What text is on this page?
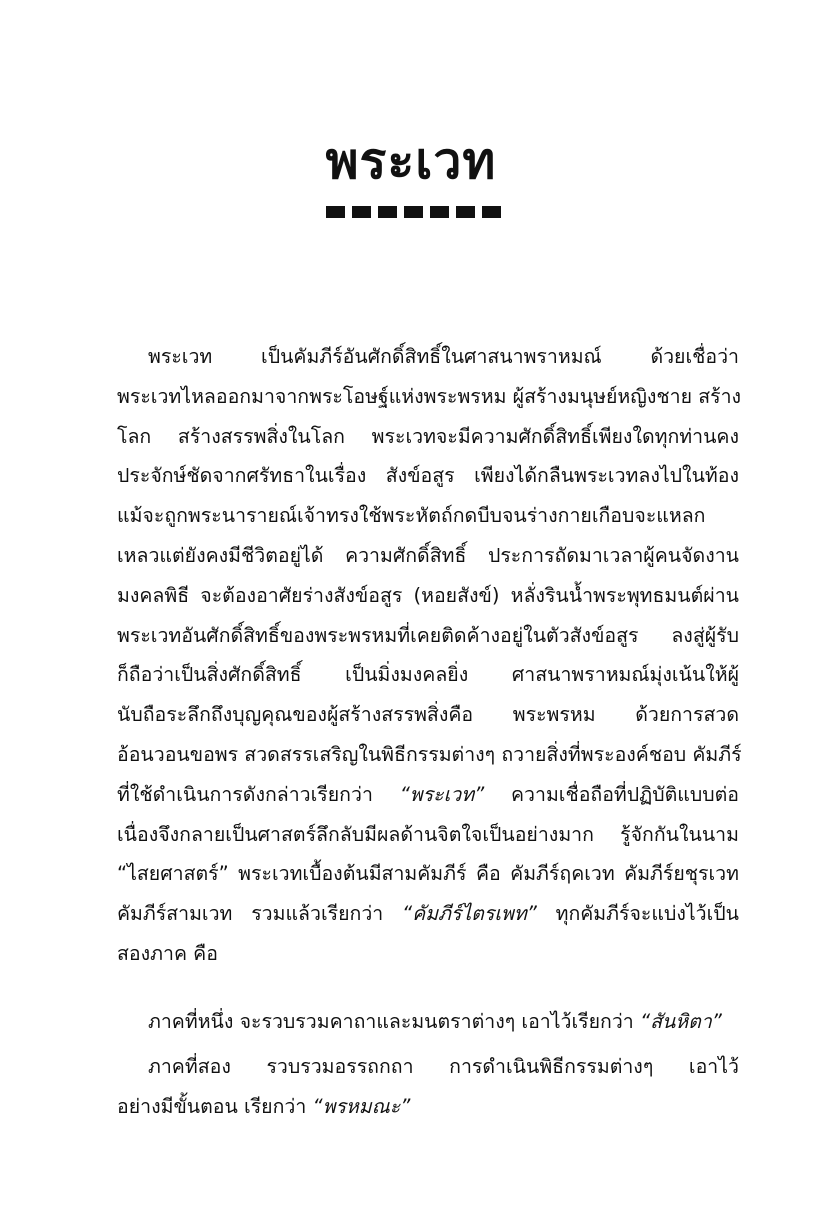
พระเวท
พระเวท เป็นคัมภีร์อันศักดิ์สิทธิ์ในศาสนาพราหมณ์ ด้วยเชื่อว่า
พระเวทไหลออกมาจากพระโอษฐ์แห่งพระพรหม ผู้สร้างมนุษย์หญิงชาย สร้าง
โลก สร้างสรรพสิ่งในโลก พระเวทจะมีความศักดิ์สิทธิ์เพียงใดทุกท่านคง
ประจักษ์ชัดจากศรัทธาในเรื่อง สังข์อสูร เพียงได้กลืนพระเวทลงไปในท้อง
แม้จะถูกพระนารายณ์เจ้าทรงใช้พระหัตถ์กดบีบจนร่างกายเกือบจะแหลก
เหลวแต่ยังคงมีชีวิตอยู่ได้ ความศักดิ์สิทธิ์ ประการถัดมาเวลาผู้คนจัดงาน
มงคลพิธี จะต้องอาศัยร่างสังข์อสูร (หอยสังข์) หลั่งรินน้ำพระพุทธมนต์ผ่าน
พระเวทอันศักดิ์สิทธิ์ของพระพรหมที่เคยติดค้างอยู่ในตัวสังข์อสูร ลงสู่ผู้รับ
ก็ถือว่าเป็นสิ่งศักดิ์สิทธิ์ เป็นมิ่งมงคลยิ่ง ศาสนาพราหมณ์มุ่งเน้นให้ผู้
นับถือระลึกถึงบุญคุณของผู้สร้างสรรพสิ่งคือ พระพรหม ด้วยการสวด
อ้อนวอนขอพร สวดสรรเสริญในพิธีกรรมต่างๆ ถวายสิ่งที่พระองค์ชอบ คัมภีร์
ที่ใช้ดำเนินการดังกล่าวเรียกว่า “พระเวท” ความเชื่อถือที่ปฏิบัติแบบต่อ
เนื่องจึงกลายเป็นศาสตร์ลึกลับมีผลด้านจิตใจเป็นอย่างมาก รู้จักกันในนาม
“ไสยศาสตร์” พระเวทเบื้องต้นมีสามคัมภีร์ คือ คัมภีร์ฤคเวท คัมภีร์ยชุรเวท
คัมภีร์สามเวท รวมแล้วเรียกว่า “คัมภีร์ไตรเพท” ทุกคัมภีร์จะแบ่งไว้เป็น
สองภาค คือ
ภาคที่หนึ่ง จะรวบรวมคาถาและมนตราต่างๆ เอาไว้เรียกว่า “สันหิตา”
ภาคที่สอง รวบรวมอรรถกถา การดำเนินพิธีกรรมต่างๆ เอาไว้
อย่างมีขั้นตอน เรียกว่า “พรหมณะ”
